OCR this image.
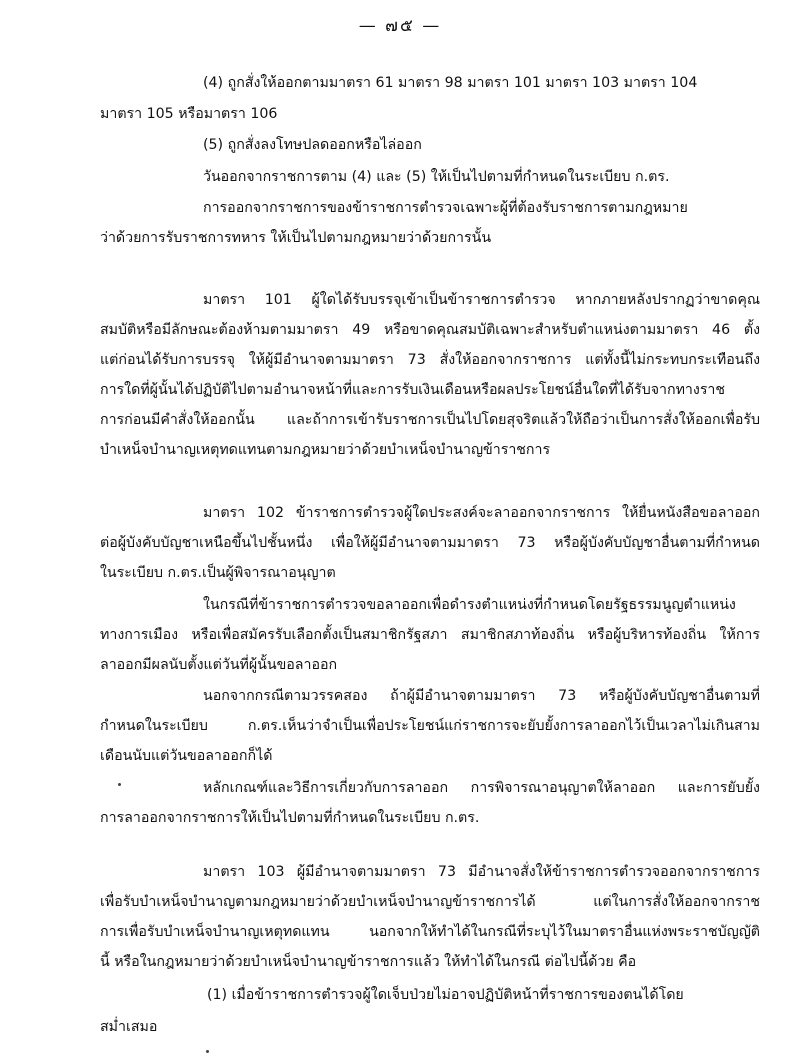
— ๗๕ —
(4) ถูกสั่งให้ออกตามมาตรา 61 มาตรา 98 มาตรา 101 มาตรา 103 มาตรา 104
มาตรา 105 หรือมาตรา 106
(5) ถูกสั่งลงโทษปลดออกหรือไล่ออก
วันออกจากราชการตาม (4) และ (5) ให้เป็นไปตามที่กำหนดในระเบียบ ก.ตร.
การออกจากราชการของข้าราชการตำรวจเฉพาะผู้ที่ต้องรับราชการตามกฎหมาย
ว่าด้วยการรับราชการทหาร ให้เป็นไปตามกฎหมายว่าด้วยการนั้น
มาตรา 101 ผู้ใดได้รับบรรจุเข้าเป็นข้าราชการตำรวจ หากภายหลังปรากฏว่าขาดคุณ
สมบัติหรือมีลักษณะต้องห้ามตามมาตรา 49 หรือขาดคุณสมบัติเฉพาะสำหรับตำแหน่งตามมาตรา 46 ตั้ง
แต่ก่อนได้รับการบรรจุ ให้ผู้มีอำนาจตามมาตรา 73 สั่งให้ออกจากราชการ แต่ทั้งนี้ไม่กระทบกระเทือนถึง
การใดที่ผู้นั้นได้ปฏิบัติไปตามอำนาจหน้าที่และการรับเงินเดือนหรือผลประโยชน์อื่นใดที่ได้รับจากทางราช
การก่อนมีคำสั่งให้ออกนั้น และถ้าการเข้ารับราชการเป็นไปโดยสุจริตแล้วให้ถือว่าเป็นการสั่งให้ออกเพื่อรับ
บำเหน็จบำนาญเหตุทดแทนตามกฎหมายว่าด้วยบำเหน็จบำนาญข้าราชการ
มาตรา 102 ข้าราชการตำรวจผู้ใดประสงค์จะลาออกจากราชการ ให้ยื่นหนังสือขอลาออก
ต่อผู้บังคับบัญชาเหนือขึ้นไปชั้นหนึ่ง เพื่อให้ผู้มีอำนาจตามมาตรา 73 หรือผู้บังคับบัญชาอื่นตามที่กำหนด
ในระเบียบ ก.ตร.เป็นผู้พิจารณาอนุญาต
ในกรณีที่ข้าราชการตำรวจขอลาออกเพื่อดำรงตำแหน่งที่กำหนดโดยรัฐธรรมนูญตำแหน่ง
ทางการเมือง หรือเพื่อสมัครรับเลือกตั้งเป็นสมาชิกรัฐสภา สมาชิกสภาท้องถิ่น หรือผู้บริหารท้องถิ่น ให้การ
ลาออกมีผลนับตั้งแต่วันที่ผู้นั้นขอลาออก
นอกจากกรณีตามวรรคสอง ถ้าผู้มีอำนาจตามมาตรา 73 หรือผู้บังคับบัญชาอื่นตามที่
กำหนดในระเบียบ ก.ตร.เห็นว่าจำเป็นเพื่อประโยชน์แก่ราชการจะยับยั้งการลาออกไว้เป็นเวลาไม่เกินสาม
เดือนนับแต่วันขอลาออกก็ได้
หลักเกณฑ์และวิธีการเกี่ยวกับการลาออก การพิจารณาอนุญาตให้ลาออก และการยับยั้ง
การลาออกจากราชการให้เป็นไปตามที่กำหนดในระเบียบ ก.ตร.
มาตรา 103 ผู้มีอำนาจตามมาตรา 73 มีอำนาจสั่งให้ข้าราชการตำรวจออกจากราชการ
เพื่อรับบำเหน็จบำนาญตามกฎหมายว่าด้วยบำเหน็จบำนาญข้าราชการได้ แต่ในการสั่งให้ออกจากราช
การเพื่อรับบำเหน็จบำนาญเหตุทดแทน นอกจากให้ทำได้ในกรณีที่ระบุไว้ในมาตราอื่นแห่งพระราชบัญญัติ
นี้ หรือในกฎหมายว่าด้วยบำเหน็จบำนาญข้าราชการแล้ว ให้ทำได้ในกรณี ต่อไปนี้ด้วย คือ
(1) เมื่อข้าราชการตำรวจผู้ใดเจ็บป่วยไม่อาจปฏิบัติหน้าที่ราชการของตนได้โดย
สม่ำเสมอ
